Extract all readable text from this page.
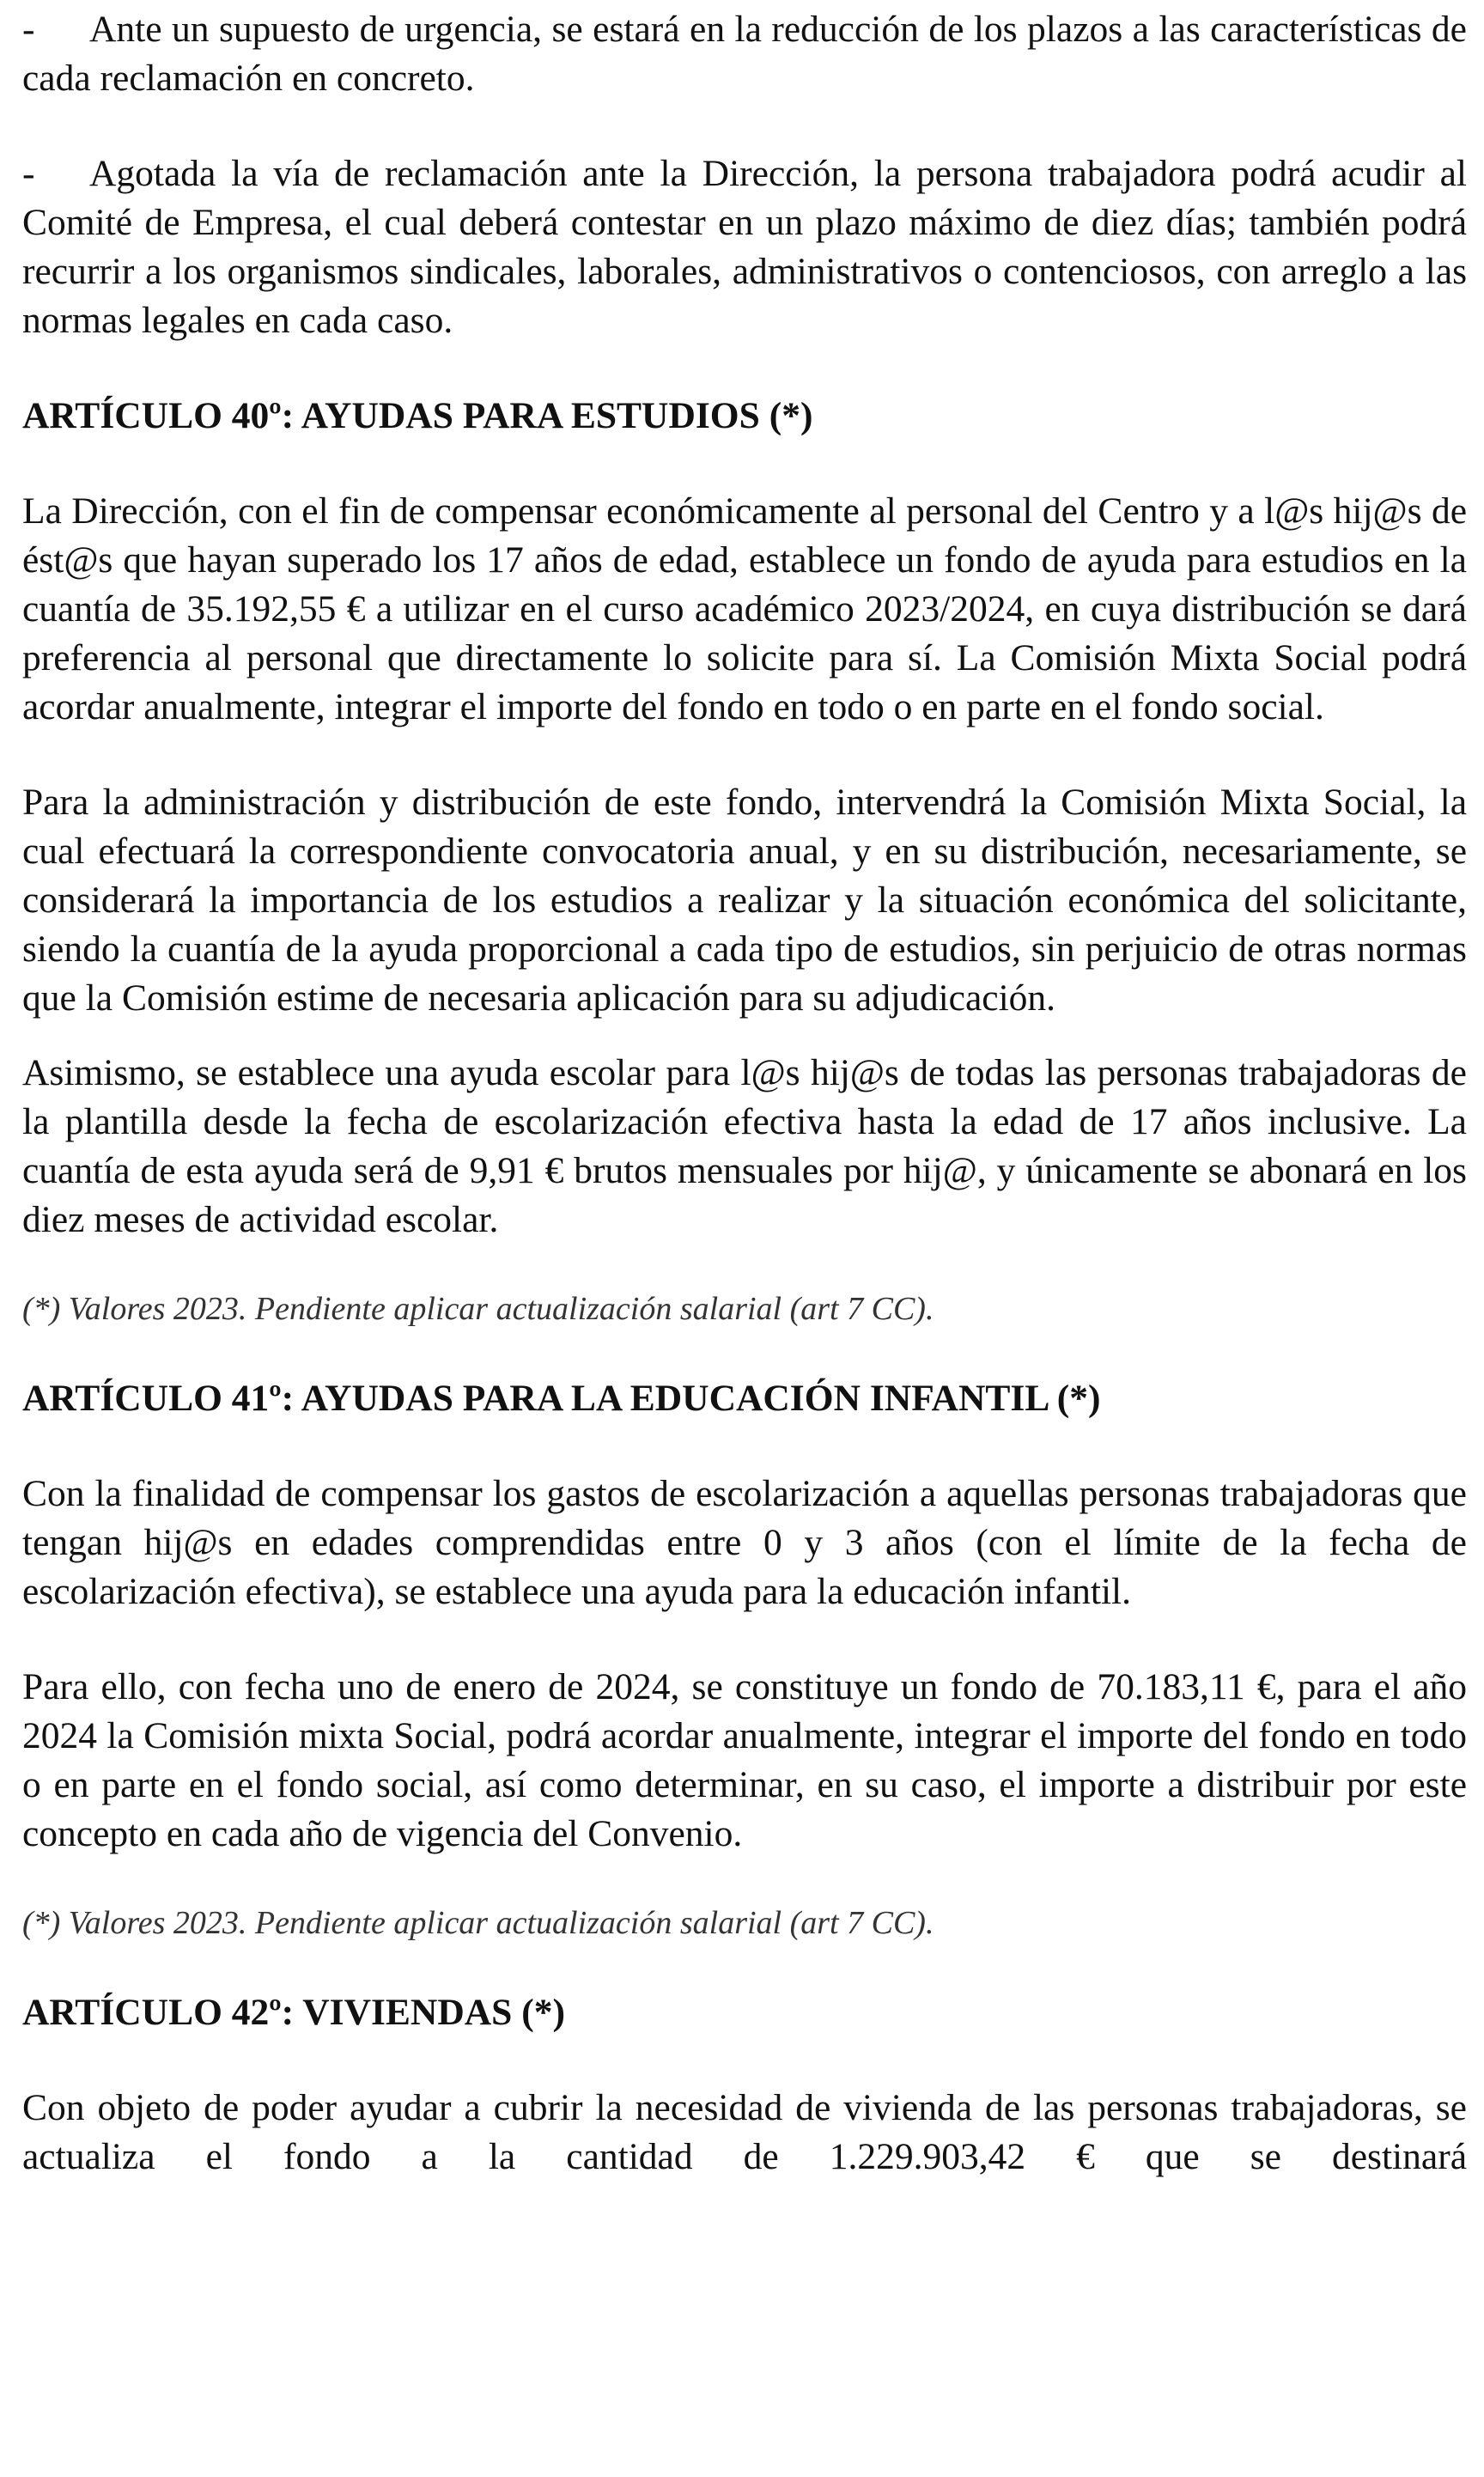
- Ante un supuesto de urgencia, se estará en la reducción de los plazos a las características de cada reclamación en concreto.

- Agotada la vía de reclamación ante la Dirección, la persona trabajadora podrá acudir al Comité de Empresa, el cual deberá contestar en un plazo máximo de diez días; también podrá recurrir a los organismos sindicales, laborales, administrativos o contenciosos, con arreglo a las normas legales en cada caso.

ARTÍCULO 40º: AYUDAS PARA ESTUDIOS (*)

La Dirección, con el fin de compensar económicamente al personal del Centro y a l@s hij@s de ést@s que hayan superado los 17 años de edad, establece un fondo de ayuda para estudios en la cuantía de 35.192,55 € a utilizar en el curso académico 2023/2024, en cuya distribución se dará preferencia al personal que directamente lo solicite para sí. La Comisión Mixta Social podrá acordar anualmente, integrar el importe del fondo en todo o en parte en el fondo social.

Para la administración y distribución de este fondo, intervendrá la Comisión Mixta Social, la cual efectuará la correspondiente convocatoria anual, y en su distribución, necesariamente, se considerará la importancia de los estudios a realizar y la situación económica del solicitante, siendo la cuantía de la ayuda proporcional a cada tipo de estudios, sin perjuicio de otras normas que la Comisión estime de necesaria aplicación para su adjudicación.

Asimismo, se establece una ayuda escolar para l@s hij@s de todas las personas trabajadoras de la plantilla desde la fecha de escolarización efectiva hasta la edad de 17 años inclusive. La cuantía de esta ayuda será de 9,91 € brutos mensuales por hij@, y únicamente se abonará en los diez meses de actividad escolar.

(*) Valores 2023. Pendiente aplicar actualización salarial (art 7 CC).

ARTÍCULO 41º: AYUDAS PARA LA EDUCACIÓN INFANTIL (*)

Con la finalidad de compensar los gastos de escolarización a aquellas personas trabajadoras que tengan hij@s en edades comprendidas entre 0 y 3 años (con el límite de la fecha de escolarización efectiva), se establece una ayuda para la educación infantil.

Para ello, con fecha uno de enero de 2024, se constituye un fondo de 70.183,11 €, para el año 2024 la Comisión mixta Social, podrá acordar anualmente, integrar el importe del fondo en todo o en parte en el fondo social, así como determinar, en su caso, el importe a distribuir por este concepto en cada año de vigencia del Convenio.

(*) Valores 2023. Pendiente aplicar actualización salarial (art 7 CC).

ARTÍCULO 42º: VIVIENDAS (*)

Con objeto de poder ayudar a cubrir la necesidad de vivienda de las personas trabajadoras, se actualiza el fondo a la cantidad de 1.229.903,42 € que se destinará
